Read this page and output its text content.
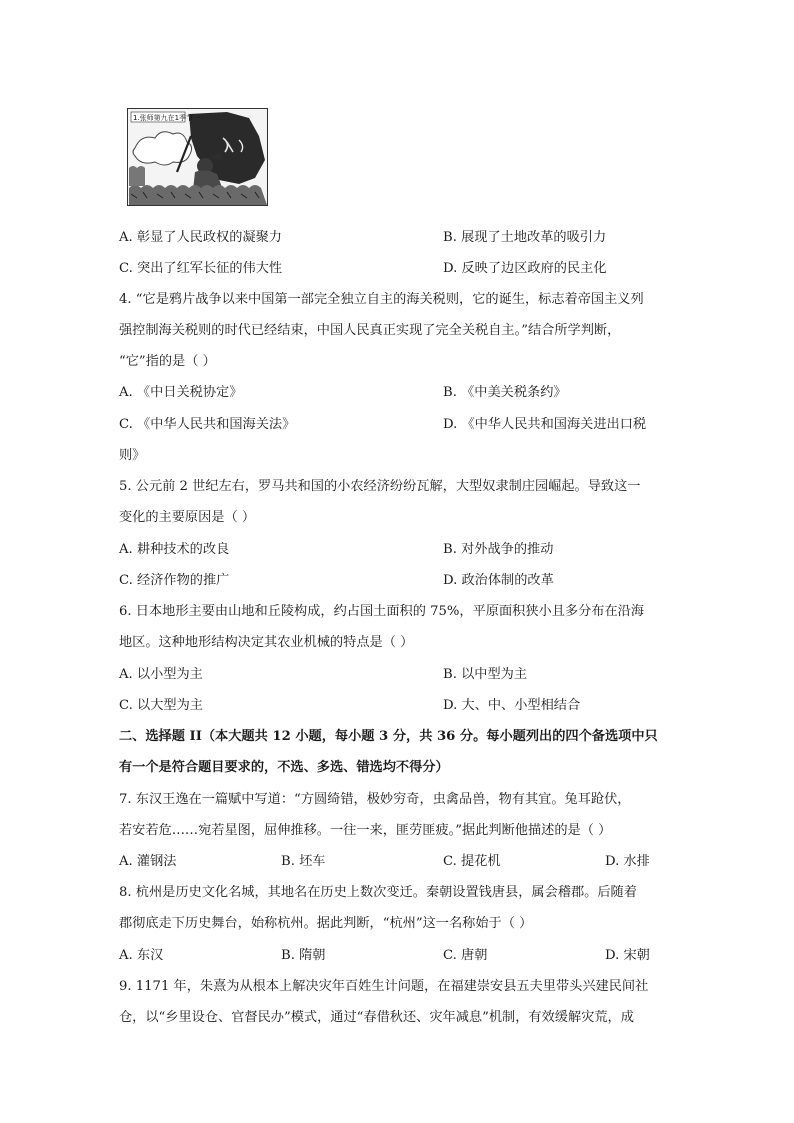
1.张师第九在1季节一
A. 彰显了人民政权的凝聚力	B. 展现了土地改革的吸引力
C. 突出了红军长征的伟大性	D. 反映了边区政府的民主化
4. “它是鸦片战争以来中国第一部完全独立自主的海关税则，它的诞生，标志着帝国主义列
强控制海关税则的时代已经结束，中国人民真正实现了完全关税自主。”结合所学判断，
“它”指的是（ ）
A. 《中日关税协定》	B. 《中美关税条约》
C. 《中华人民共和国海关法》	D. 《中华人民共和国海关进出口税
则》
5. 公元前 2 世纪左右，罗马共和国的小农经济纷纷瓦解，大型奴隶制庄园崛起。导致这一
变化的主要原因是（ ）
A. 耕种技术的改良	B. 对外战争的推动
C. 经济作物的推广	D. 政治体制的改革
6. 日本地形主要由山地和丘陵构成，约占国土面积的 75%，平原面积狭小且多分布在沿海
地区。这种地形结构决定其农业机械的特点是（ ）
A. 以小型为主	B. 以中型为主
C. 以大型为主	D. 大、中、小型相结合
二、选择题 II（本大题共 12 小题，每小题 3 分，共 36 分。每小题列出的四个备选项中只
有一个是符合题目要求的，不选、多选、错选均不得分）
7. 东汉王逸在一篇赋中写道：“方圆绮错，极妙穷奇，虫禽品兽，物有其宜。兔耳跄伏，
若安若危……宛若星图，屈伸推移。一往一来，匪劳匪疲。”据此判断他描述的是（ ）
A. 灌钢法	B. 坯车	C. 提花机	D. 水排
8. 杭州是历史文化名城，其地名在历史上数次变迁。秦朝设置钱唐县，属会稽郡。后随着
郡彻底走下历史舞台，始称杭州。据此判断，“杭州”这一名称始于（ ）
A. 东汉	B. 隋朝	C. 唐朝	D. 宋朝
9. 1171 年，朱熹为从根本上解决灾年百姓生计问题，在福建崇安县五夫里带头兴建民间社
仓，以“乡里设仓、官督民办”模式，通过“春借秋还、灾年减息”机制，有效缓解灾荒，成
